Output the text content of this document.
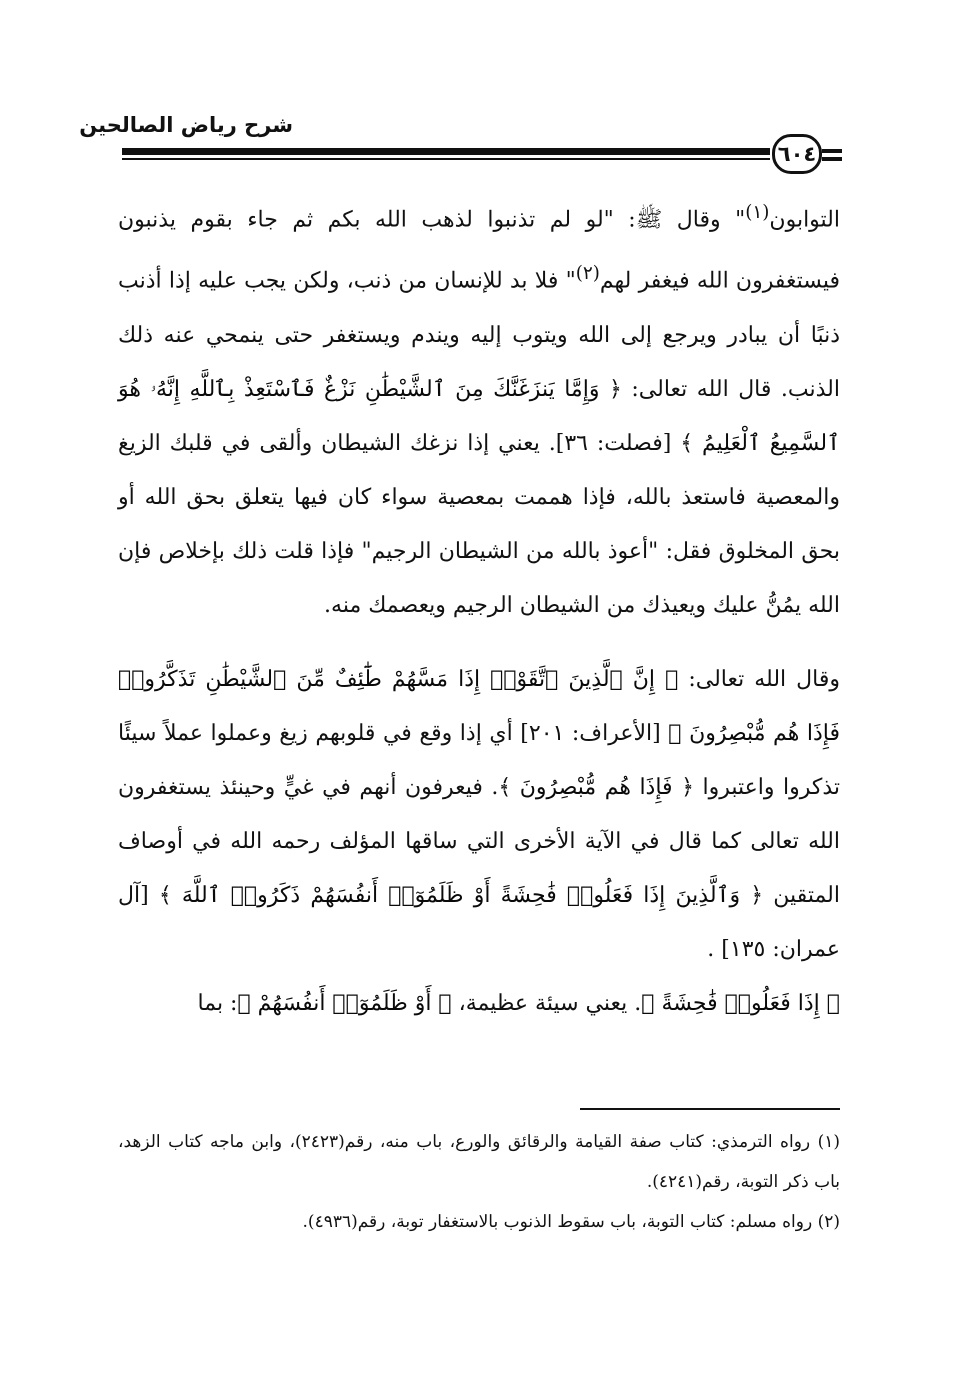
شرح رياض الصالحين
٦٠٤

التوابون$^{(١)}$" وقال ﷺ: "لو لم تذنبوا لذهب الله بكم ثم جاء بقوم يذنبون فيستغفرون الله فيغفر لهم$^{(٢)}$" فلا بد للإنسان من ذنب، ولكن يجب عليه إذا أذنب ذنبًا أن يبادر ويرجع إلى الله ويتوب إليه ويندم ويستغفر حتى ينمحي عنه ذلك الذنب. قال الله تعالى: ﴿ وَإِمَّا يَنزَغَنَّكَ مِنَ ٱلشَّيْطَٰنِ نَزْغٌ فَٱسْتَعِذْ بِٱللَّهِ إِنَّهُۥ هُوَ ٱلسَّمِيعُ ٱلْعَلِيمُ ﴾ [فصلت: ٣٦]. يعني إذا نزغك الشيطان وألقى في قلبك الزيغ والمعصية فاستعذ بالله، فإذا هممت بمعصية سواء كان فيها يتعلق بحق الله أو بحق المخلوق فقل: "أعوذ بالله من الشيطان الرجيم" فإذا قلت ذلك بإخلاص فإن الله يمُنُّ عليك ويعيذك من الشيطان الرجيم ويعصمك منه.

وقال الله تعالى: ﴿ إِنَّ ٱلَّذِينَ ٱتَّقَوْا۟ إِذَا مَسَّهُمْ طَٰٓئِفٌ مِّنَ ٱلشَّيْطَٰنِ تَذَكَّرُوا۟ فَإِذَا هُم مُّبْصِرُونَ ﴾ [الأعراف: ٢٠١] أي إذا وقع في قلوبهم زيغ وعملوا عملاً سيئًا تذكروا واعتبروا ﴿ فَإِذَا هُم مُّبْصِرُونَ ﴾. فيعرفون أنهم في غيٍّ وحينئذ يستغفرون الله تعالى كما قال في الآية الأخرى التي ساقها المؤلف رحمه الله في أوصاف المتقين ﴿ وَٱلَّذِينَ إِذَا فَعَلُوا۟ فَٰحِشَةً أَوْ ظَلَمُوٓا۟ أَنفُسَهُمْ ذَكَرُوا۟ ٱللَّهَ ﴾ [آل عمران: ١٣٥] .

﴿ إِذَا فَعَلُوا۟ فَٰحِشَةً ﴾. يعني سيئة عظيمة، ﴿ أَوْ ظَلَمُوٓا۟ أَنفُسَهُمْ ﴾: بما

(١) رواه الترمذي: كتاب صفة القيامة والرقائق والورع، باب منه، رقم(٢٤٢٣)، وابن ماجه كتاب الزهد، باب ذكر التوبة، رقم(٤٢٤١).

(٢) رواه مسلم: كتاب التوبة، باب سقوط الذنوب بالاستغفار توبة، رقم(٤٩٣٦).
